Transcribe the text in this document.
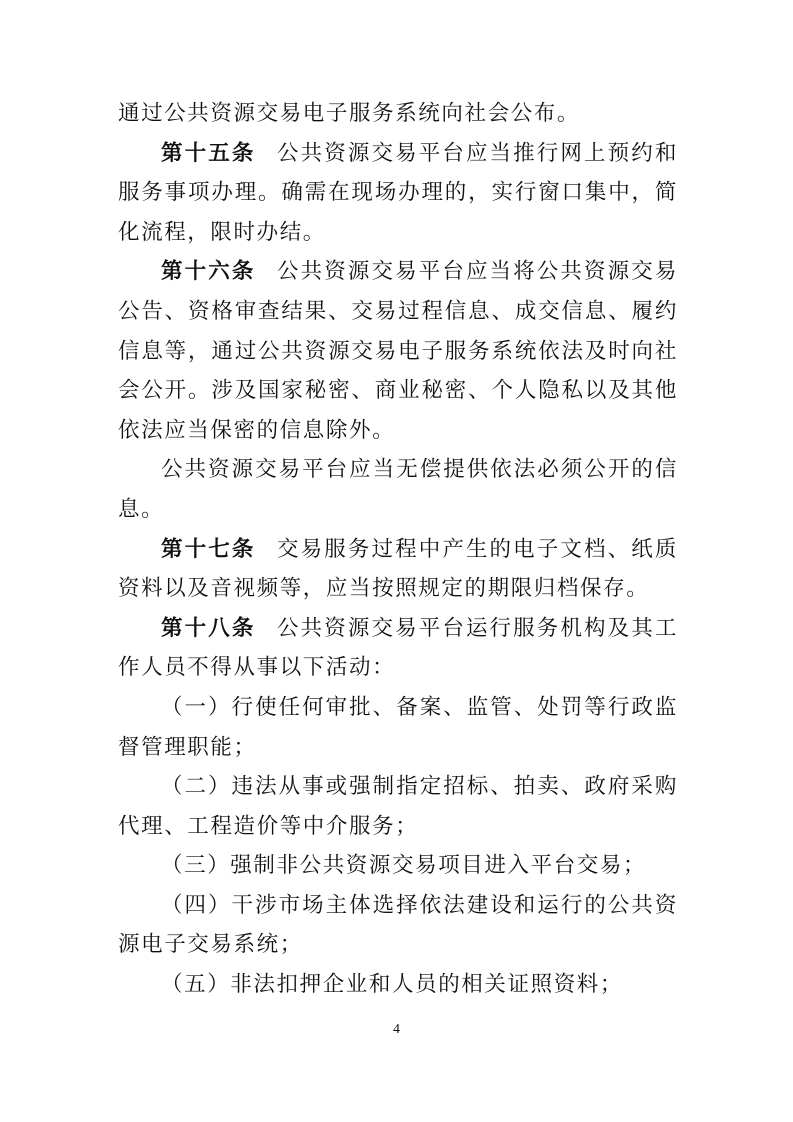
通过公共资源交易电子服务系统向社会公布。

第十五条 公共资源交易平台应当推行网上预约和服务事项办理。确需在现场办理的，实行窗口集中，简化流程，限时办结。

第十六条 公共资源交易平台应当将公共资源交易公告、资格审查结果、交易过程信息、成交信息、履约信息等，通过公共资源交易电子服务系统依法及时向社会公开。涉及国家秘密、商业秘密、个人隐私以及其他依法应当保密的信息除外。

公共资源交易平台应当无偿提供依法必须公开的信息。

第十七条 交易服务过程中产生的电子文档、纸质资料以及音视频等，应当按照规定的期限归档保存。

第十八条 公共资源交易平台运行服务机构及其工作人员不得从事以下活动：

（一）行使任何审批、备案、监管、处罚等行政监督管理职能；

（二）违法从事或强制指定招标、拍卖、政府采购代理、工程造价等中介服务；

（三）强制非公共资源交易项目进入平台交易；

（四）干涉市场主体选择依法建设和运行的公共资源电子交易系统；

（五）非法扣押企业和人员的相关证照资料；

4
